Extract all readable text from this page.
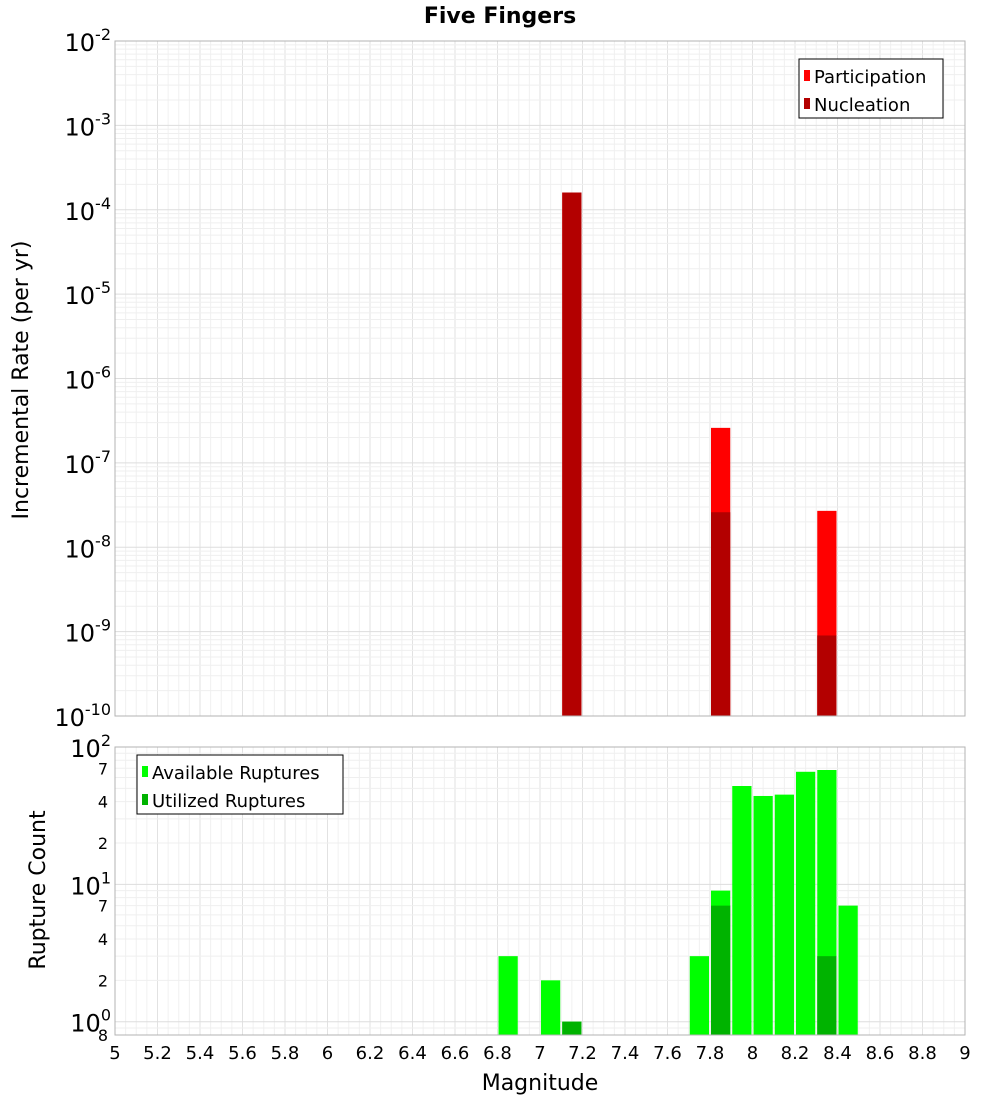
Five Fingers
Incremental Rate (per yr)
Rupture Count
Magnitude
10-10
10-9
10-8
10-7
10-6
10-5
10-4
10-3
10-2
Participation
Nucleation
8
100
2
4
7
101
2
4
7
102
Available Ruptures
Utilized Ruptures
5 5.2 5.4 5.6 5.8 6 6.2 6.4 6.6 6.8 7 7.2 7.4 7.6 7.8 8 8.2 8.4 8.6 8.8 9
